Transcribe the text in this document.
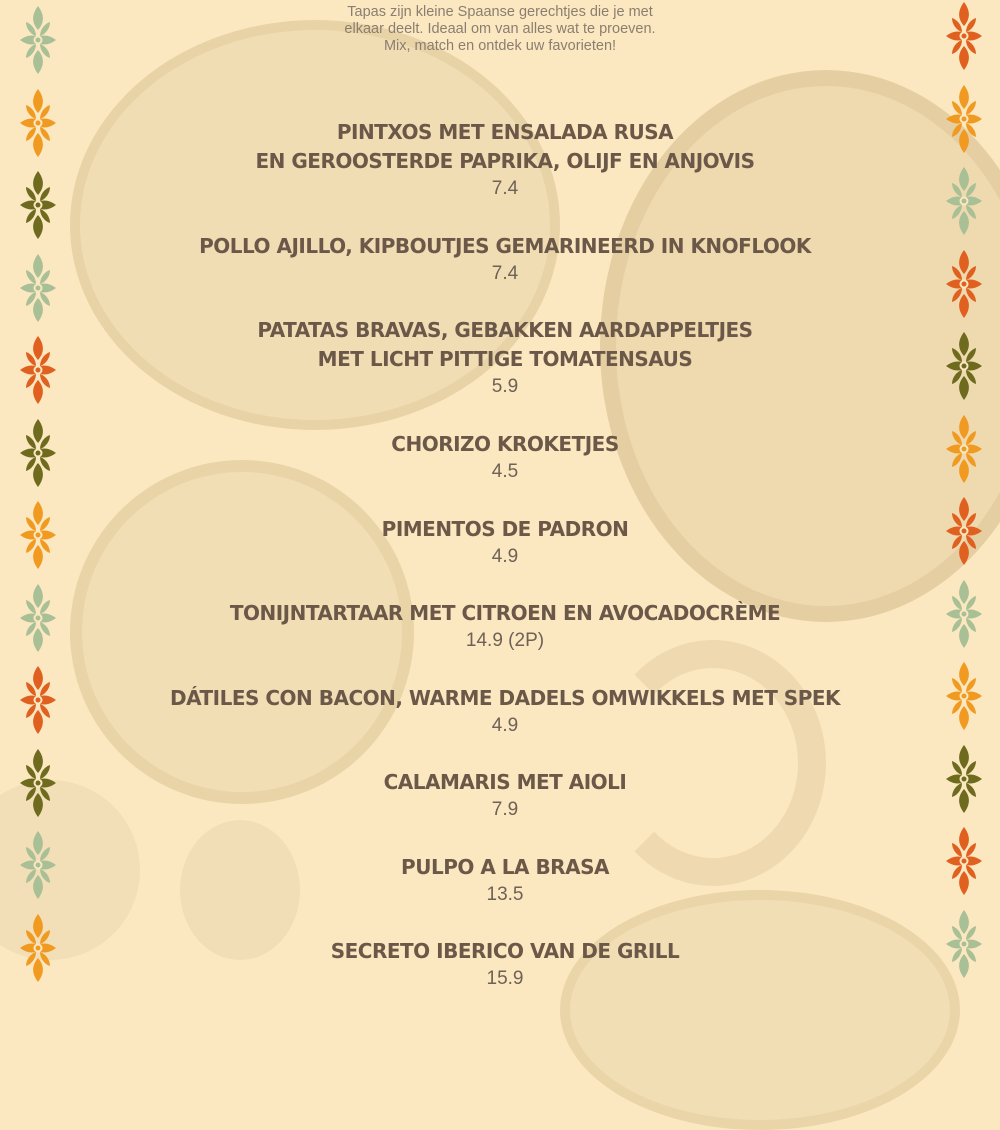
Tapas zijn kleine Spaanse gerechtjes die je met
elkaar deelt. Ideaal om van alles wat te proeven.
Mix, match en ontdek uw favorieten!
PINTXOS MET ENSALADA RUSA
EN GEROOSTERDE PAPRIKA, OLIJF EN ANJOVIS
7.4
POLLO AJILLO, KIPBOUTJES GEMARINEERD IN KNOFLOOK
7.4
PATATAS BRAVAS, GEBAKKEN AARDAPPELTJES
MET LICHT PITTIGE TOMATENSAUS
5.9
CHORIZO KROKETJES
4.5
PIMENTOS DE PADRON
4.9
TONIJNTARTAAR MET CITROEN EN AVOCADOCRÈME
14.9 (2P)
DÁTILES CON BACON, WARME DADELS OMWIKKELS MET SPEK
4.9
CALAMARIS MET AIOLI
7.9
PULPO A LA BRASA
13.5
SECRETO IBERICO VAN DE GRILL
15.9
